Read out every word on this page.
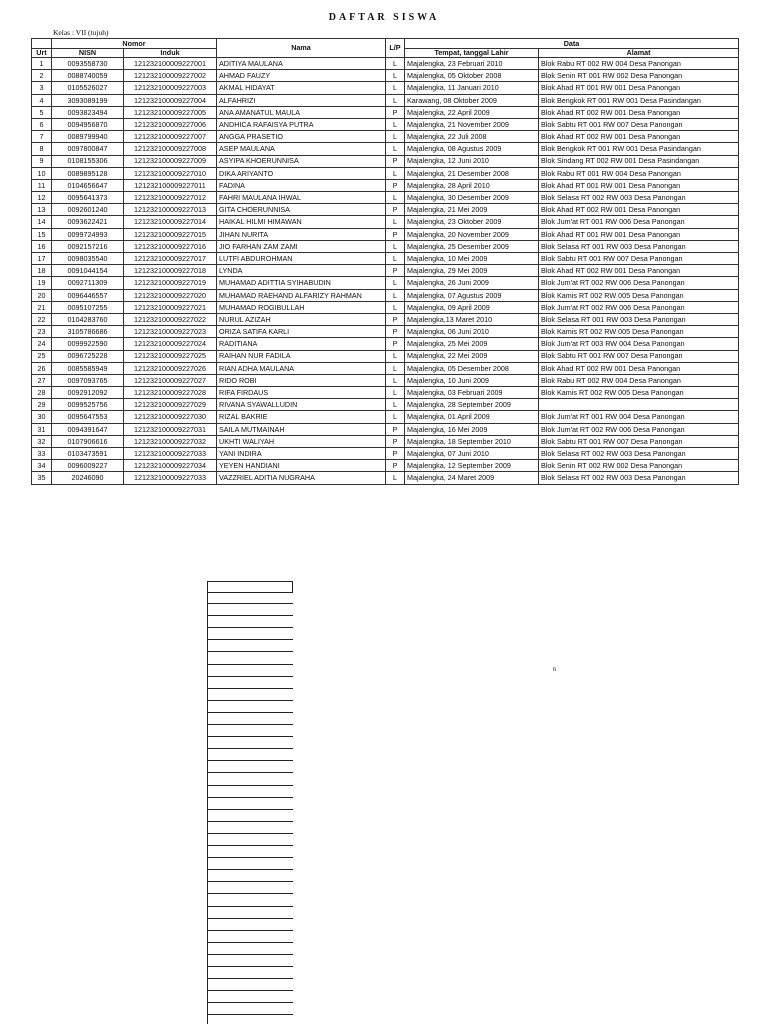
DAFTAR SISWA
Kelas : VII (tujuh)
	Nomor		Nama	L/P	Data	
Urt	NISN	Induk			Tempat, tanggal Lahir	Alamat
1	0093558730	121232100009227001	ADITIYA MAULANA	L	Majalengka, 23 Februari 2010	Blok Rabu RT 002 RW 004 Desa Panongan
2	0088740059	121232100009227002	AHMAD FAUZY	L	Majalengka, 05 Oktober 2008	Blok Senin RT 001 RW 002 Desa Panongan
3	0105526027	121232100009227003	AKMAL HIDAYAT	L	Majalengka, 11 Januari 2010	Blok Ahad RT 001 RW 001 Desa Panongan
4	3093089199	121232100009227004	ALFAHRIZI	L	Karawang, 08 Oktober 2009	Blok Bengkok RT 001 RW 001 Desa Pasindangan
5	0093823494	121232100009227005	ANA AMANATUL MAULA	P	Majalengka, 22 April 2009	Blok Ahad RT 002 RW 001 Desa Panongan
6	0094956870	121232100009227006	ANDHICA RAFAISYA PUTRA	L	Majalengka, 21 November 2009	Blok Sabtu RT 001 RW 007 Desa Panongan
7	0089799940	121232100009227007	ANGGA PRASETIO	L	Majalengka, 22 Juli 2008	Blok Ahad RT 002 RW 001 Desa Panongan
8	0097800847	121232100009227008	ASEP MAULANA	L	Majalengka, 08 Agustus 2009	Blok Bengkok RT 001 RW 001 Desa Pasindangan
9	0108155306	121232100009227009	ASYIPA KHOERUNNISA	P	Majalengka, 12 Juni 2010	Blok Sindang RT 002 RW 001 Desa Pasindangan
10	0089895128	121232100009227010	DIKA ARIYANTO	L	Majalengka, 21 Desember 2008	Blok Rabu RT 001 RW 004 Desa Panongan
11	0104656647	121232100009227011	FADINA	P	Majalengka, 28 April 2010	Blok Ahad RT 001 RW 001 Desa Panongan
12	0095641373	121232100009227012	FAHRI MAULANA IHWAL	L	Majalengka, 30 Desember 2009	Blok Selasa RT 002 RW 003 Desa Panongan
13	0092601240	121232100009227013	GITA CHOERUNNISA	P	Majalengka, 21 Mei 2009	Blok Ahad RT 002 RW 001 Desa Panongan
14	0093622421	121232100009227014	HAIKAL HILMI HIMAWAN	L	Majalengka, 23 Oktober 2009	Blok Jum'at RT 001 RW 006 Desa Panongan
15	0099724993	121232100009227015	JIHAN NURITA	P	Majalengka, 20 November 2009	Blok Ahad RT 001 RW 001 Desa Panongan
16	0092157216	121232100009227016	JIO FARHAN ZAM ZAMI	L	Majalengka, 25 Desember 2009	Blok Selasa RT 001 RW 003 Desa Panongan
17	0098035540	121232100009227017	LUTFI ABDUROHMAN	L	Majalengka, 10 Mei 2009	Blok Sabtu RT 001 RW 007 Desa Panongan
18	0091044154	121232100009227018	LYNDA	P	Majalengka, 29 Mei 2009	Blok Ahad RT 002 RW 001 Desa Panongan
19	0092711309	121232100009227019	MUHAMAD ADITTIA SYIHABUDIN	L	Majalengka, 26 Juni 2009	Blok Jum'at RT 002 RW 006 Desa Panongan
20	0096446557	121232100009227020	MUHAMAD RAEHAND ALFARIZY RAHMAN	L	Majalengka, 07 Agustus 2009	Blok Kamis RT 002 RW 005 Desa Panongan
21	0095107255	121232100009227021	MUHAMAD ROGIBULLAH	L	Majalengka, 09 April 2009	Blok Jum'at RT 002 RW 006 Desa Panongan
22	0104283760	121232100009227022	NURUL AZIZAH	P	Majalengka,13 Maret 2010	Blok Selasa RT 001 RW 003 Desa Panongan
23	3105786686	121232100009227023	ORIZA SATIFA KARLI	P	Majalengka, 06 Juni 2010	Blok Kamis RT 002 RW 005 Desa Panongan
24	0099922590	121232100009227024	RADITIANA	P	Majalengka, 25 Mei 2009	Blok Jum'at RT 003 RW 004 Desa Panongan
25	0096725228	121232100009227025	RAIHAN NUR FADILA	L	Majalengka, 22 Mei 2009	Blok Sabtu RT 001 RW 007 Desa Panongan
26	0085585949	121232100009227026	RIAN ADHA MAULANA	L	Majalengka, 05 Desember 2008	Blok Ahad RT 002 RW 001 Desa Panongan
27	0097093765	121232100009227027	RIDO ROBI	L	Majalengka, 10 Juni 2009	Blok Rabu RT 002 RW 004 Desa Panongan
28	0092912092	121232100009227028	RIFA FIRDAUS	L	Majalengka, 03 Februari 2009	Blok Kamis RT 002 RW 005 Desa Panongan
29	0099525756	121232100009227029	RIVANA SYAWALLUDIN	L	Majalengka, 28 September 2009	
30	0095647553	121232100009227030	RIZAL BAKRIE	L	Majalengka, 01 April 2009	Blok Jum'at RT 001 RW 004 Desa Panongan
31	0094391647	121232100009227031	SAILA MUTMAINAH	P	Majalengka, 16 Mei 2009	Blok Jum'at RT 002 RW 006 Desa Panongan
32	0107906616	121232100009227032	UKHTI WALIYAH	P	Majalengka, 18 September 2010	Blok Sabtu RT 001 RW 007 Desa Panongan
33	0103473591	121232100009227033	YANI INDIRA	P	Majalengka, 07 Juni 2010	Blok Selasa RT 002 RW 003 Desa Panongan
34	0096009227	121232100009227034	YEYEN HANDIANI	P	Majalengka, 12 September 2009	Blok Senin RT 002 RW 002 Desa Panongan
35	20246090	121232100009227033	VAZZRIEL ADITIA NUGRAHA	L	Majalengka, 24 Maret 2009	Blok Selasa RT 002 RW 003 Desa Panongan
6
